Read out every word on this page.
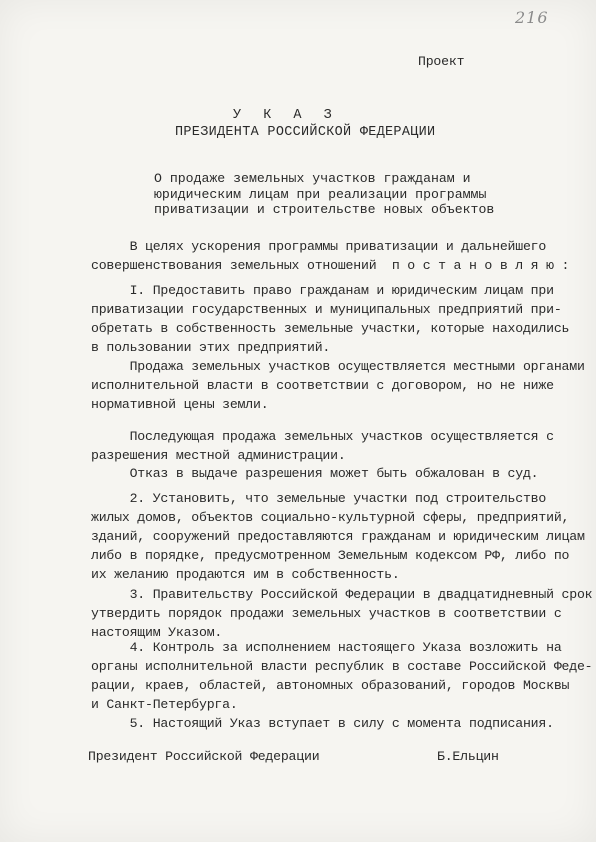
216
Проект
У К А З
ПРЕЗИДЕНТА РОССИЙСКОЙ ФЕДЕРАЦИИ
О продаже земельных участков гражданам и
юридическим лицам при реализации программы
приватизации и строительстве новых объектов
В целях ускорения программы приватизации и дальнейшего
совершенствования земельных отношений  п о с т а н о в л я ю :
I. Предоставить право гражданам и юридическим лицам при
приватизации государственных и муниципальных предприятий при-
обретать в собственность земельные участки, которые находились
в пользовании этих предприятий.
Продажа земельных участков осуществляется местными органами
исполнительной власти в соответствии с договором, но не ниже
нормативной цены земли.
Последующая продажа земельных участков осуществляется с
разрешения местной администрации.
Отказ в выдаче разрешения может быть обжалован в суд.
2. Установить, что земельные участки под строительство
жилых домов, объектов социально-культурной сферы, предприятий,
зданий, сооружений предоставляются гражданам и юридическим лицам
либо в порядке, предусмотренном Земельным кодексом РФ, либо по
их желанию продаются им в собственность.
3. Правительству Российской Федерации в двадцатидневный срок
утвердить порядок продажи земельных участков в соответствии с
настоящим Указом.
4. Контроль за исполнением настоящего Указа возложить на
органы исполнительной власти республик в составе Российской Феде-
рации, краев, областей, автономных образований, городов Москвы
и Санкт-Петербурга.
5. Настоящий Указ вступает в силу с момента подписания.
Президент Российской Федерации	Б.Ельцин
